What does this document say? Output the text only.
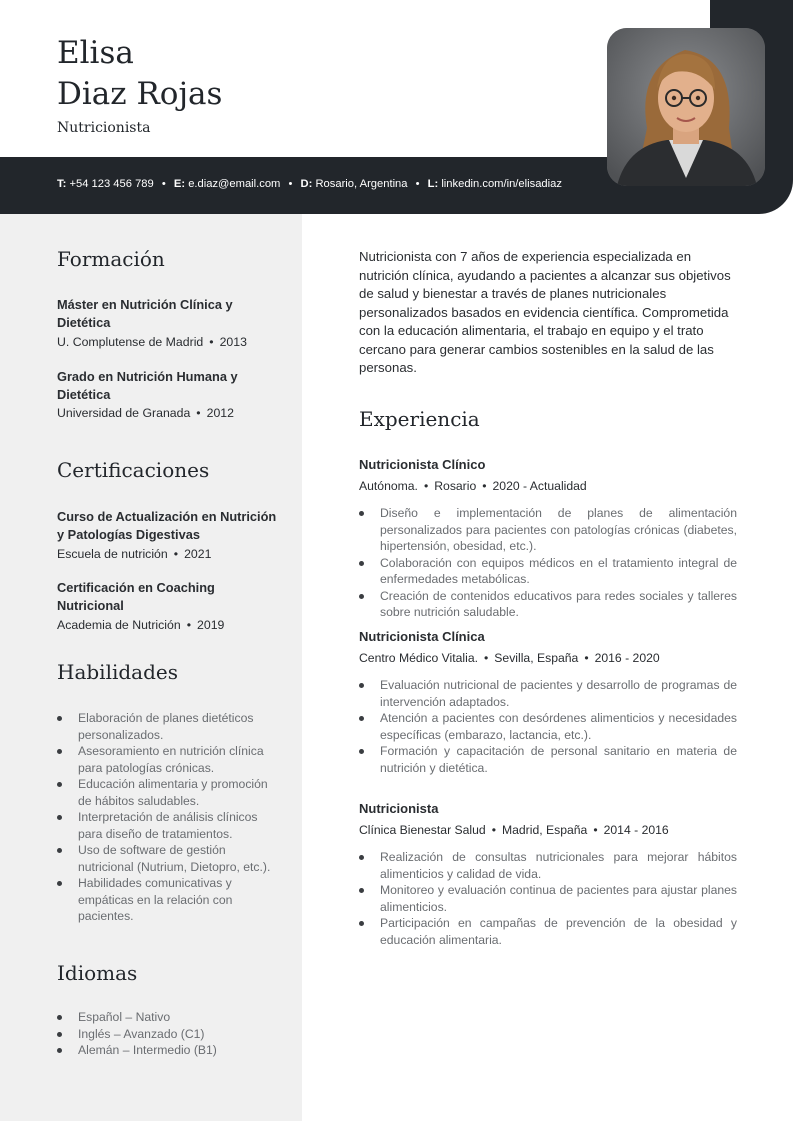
Elisa
Diaz Rojas
Nutricionista
T: +54 123 456 789 • E: e.diaz@email.com • D: Rosario, Argentina • L: linkedin.com/in/elisadiaz
Formación
Máster en Nutrición Clínica y Dietética
U. Complutense de Madrid • 2013
Grado en Nutrición Humana y Dietética
Universidad de Granada • 2012
Certificaciones
Curso de Actualización en Nutrición y Patologías Digestivas
Escuela de nutrición • 2021
Certificación en Coaching Nutricional
Academia de Nutrición • 2019
Habilidades
Elaboración de planes dietéticos personalizados.
Asesoramiento en nutrición clínica para patologías crónicas.
Educación alimentaria y promoción de hábitos saludables.
Interpretación de análisis clínicos para diseño de tratamientos.
Uso de software de gestión nutricional (Nutrium, Dietopro, etc.).
Habilidades comunicativas y empáticas en la relación con pacientes.
Idiomas
Español – Nativo
Inglés – Avanzado (C1)
Alemán – Intermedio (B1)
Nutricionista con 7 años de experiencia especializada en nutrición clínica, ayudando a pacientes a alcanzar sus objetivos de salud y bienestar a través de planes nutricionales personalizados basados en evidencia científica. Comprometida con la educación alimentaria, el trabajo en equipo y el trato cercano para generar cambios sostenibles en la salud de las personas.
Experiencia
Nutricionista Clínico
Autónoma. • Rosario • 2020 - Actualidad
Diseño e implementación de planes de alimentación personalizados para pacientes con patologías crónicas (diabetes, hipertensión, obesidad, etc.).
Colaboración con equipos médicos en el tratamiento integral de enfermedades metabólicas.
Creación de contenidos educativos para redes sociales y talleres sobre nutrición saludable.
Nutricionista Clínica
Centro Médico Vitalia. • Sevilla, España • 2016 - 2020
Evaluación nutricional de pacientes y desarrollo de programas de intervención adaptados.
Atención a pacientes con desórdenes alimenticios y necesidades específicas (embarazo, lactancia, etc.).
Formación y capacitación de personal sanitario en materia de nutrición y dietética.
Nutricionista
Clínica Bienestar Salud • Madrid, España • 2014 - 2016
Realización de consultas nutricionales para mejorar hábitos alimenticios y calidad de vida.
Monitoreo y evaluación continua de pacientes para ajustar planes alimenticios.
Participación en campañas de prevención de la obesidad y educación alimentaria.
